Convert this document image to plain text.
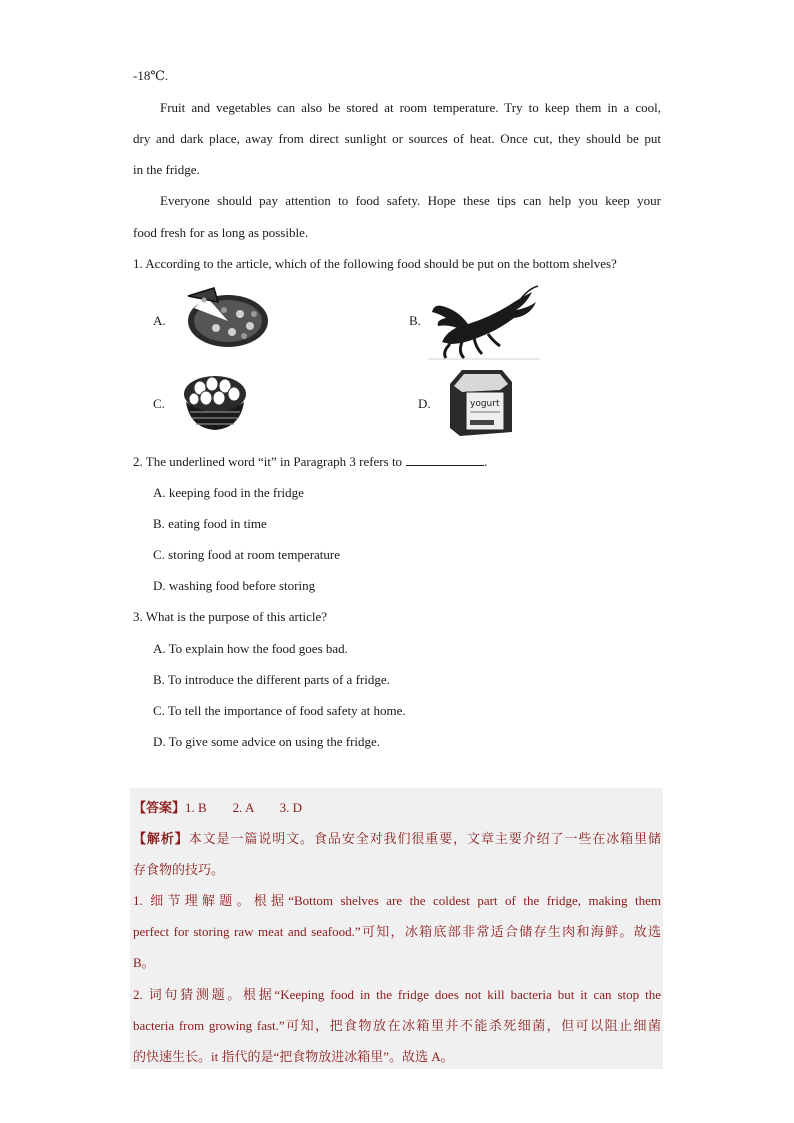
-18℃.
Fruit and vegetables can also be stored at room temperature. Try to keep them in a cool,
dry and dark place, away from direct sunlight or sources of heat. Once cut, they should be put
in the fridge.
Everyone should pay attention to food safety. Hope these tips can help you keep your
food fresh for as long as possible.
1. According to the article, which of the following food should be put on the bottom shelves?
A.	B.
C.	D.	yogurt
2. The underlined word “it” in Paragraph 3 refers to	.
A. keeping food in the fridge
B. eating food in time
C. storing food at room temperature
D. washing food before storing
3. What is the purpose of this article?
A. To explain how the food goes bad.
B. To introduce the different parts of a fridge.
C. To tell the importance of food safety at home.
D. To give some advice on using the fridge.
【答案】1. B        2. A        3. D
【解析】本文是一篇说明文。食品安全对我们很重要，文章主要介绍了一些在冰箱里储
存食物的技巧。
1. 细节理解题。根据“Bottom shelves are the coldest part of the fridge, making them
perfect for storing raw meat and seafood.”可知，冰箱底部非常适合储存生肉和海鲜。故选
B。
2. 词句猜测题。根据“Keeping food in the fridge does not kill bacteria but it can stop the
bacteria from growing fast.”可知，把食物放在冰箱里并不能杀死细菌，但可以阻止细菌
的快速生长。it 指代的是“把食物放进冰箱里”。故选 A。
